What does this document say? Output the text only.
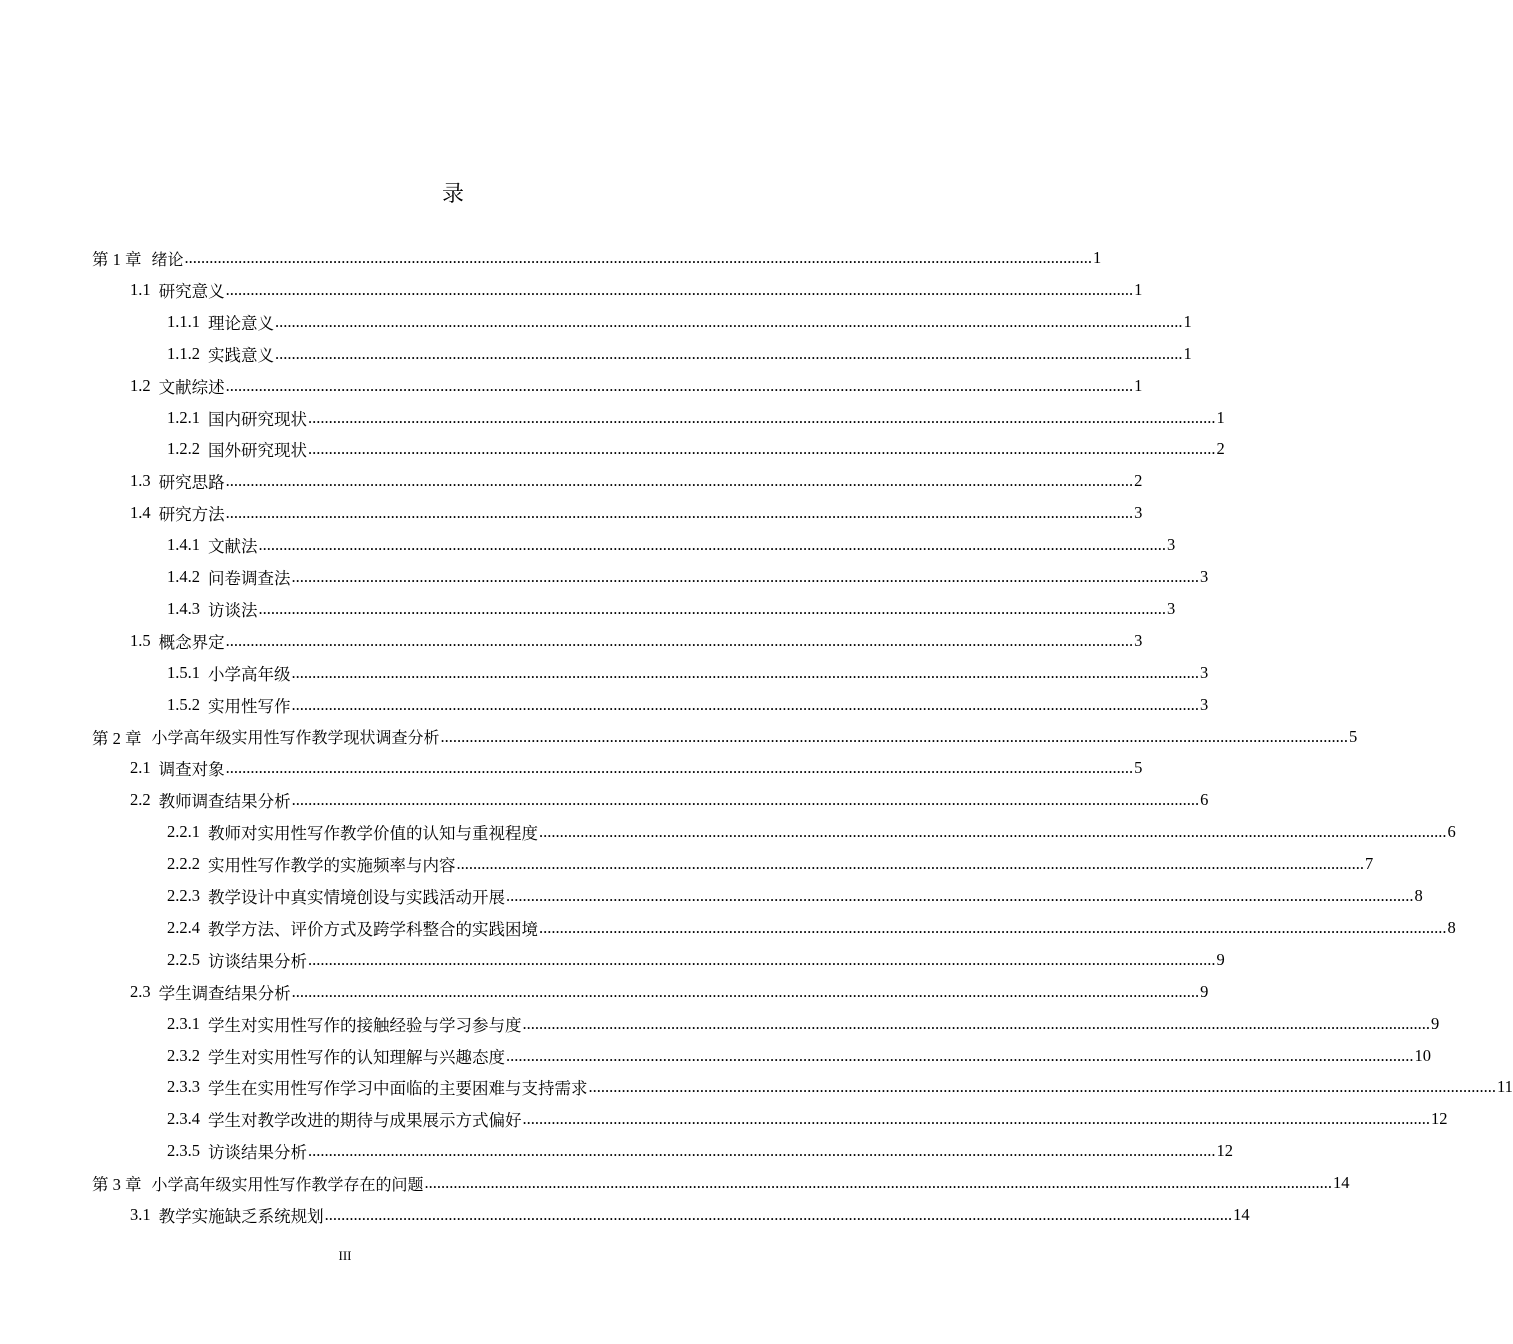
录
第 1 章 绪论 ............................................................................................................................................................................................................................ 1
1.1 研究意义 ............................................................................................................................................................................................................................ 1
1.1.1 理论意义 ............................................................................................................................................................................................................................ 1
1.1.2 实践意义 ............................................................................................................................................................................................................................ 1
1.2 文献综述 ............................................................................................................................................................................................................................ 1
1.2.1 国内研究现状 ............................................................................................................................................................................................................................ 1
1.2.2 国外研究现状 ............................................................................................................................................................................................................................ 2
1.3 研究思路 ............................................................................................................................................................................................................................ 2
1.4 研究方法 ............................................................................................................................................................................................................................ 3
1.4.1 文献法 ............................................................................................................................................................................................................................ 3
1.4.2 问卷调查法 ............................................................................................................................................................................................................................ 3
1.4.3 访谈法 ............................................................................................................................................................................................................................ 3
1.5 概念界定 ............................................................................................................................................................................................................................ 3
1.5.1 小学高年级 ............................................................................................................................................................................................................................ 3
1.5.2 实用性写作 ............................................................................................................................................................................................................................ 3
第 2 章 小学高年级实用性写作教学现状调查分析 ............................................................................................................................................................................................................................ 5
2.1 调查对象 ............................................................................................................................................................................................................................ 5
2.2 教师调查结果分析 ............................................................................................................................................................................................................................ 6
2.2.1 教师对实用性写作教学价值的认知与重视程度 ............................................................................................................................................................................................................................ 6
2.2.2 实用性写作教学的实施频率与内容 ............................................................................................................................................................................................................................ 7
2.2.3 教学设计中真实情境创设与实践活动开展 ............................................................................................................................................................................................................................ 8
2.2.4 教学方法、评价方式及跨学科整合的实践困境 ............................................................................................................................................................................................................................ 8
2.2.5 访谈结果分析 ............................................................................................................................................................................................................................ 9
2.3 学生调查结果分析 ............................................................................................................................................................................................................................ 9
2.3.1 学生对实用性写作的接触经验与学习参与度 ............................................................................................................................................................................................................................ 9
2.3.2 学生对实用性写作的认知理解与兴趣态度 ............................................................................................................................................................................................................................ 10
2.3.3 学生在实用性写作学习中面临的主要困难与支持需求 ............................................................................................................................................................................................................................ 11
2.3.4 学生对教学改进的期待与成果展示方式偏好 ............................................................................................................................................................................................................................ 12
2.3.5 访谈结果分析 ............................................................................................................................................................................................................................ 12
第 3 章 小学高年级实用性写作教学存在的问题 ............................................................................................................................................................................................................................ 14
3.1 教学实施缺乏系统规划 ............................................................................................................................................................................................................................ 14
III
